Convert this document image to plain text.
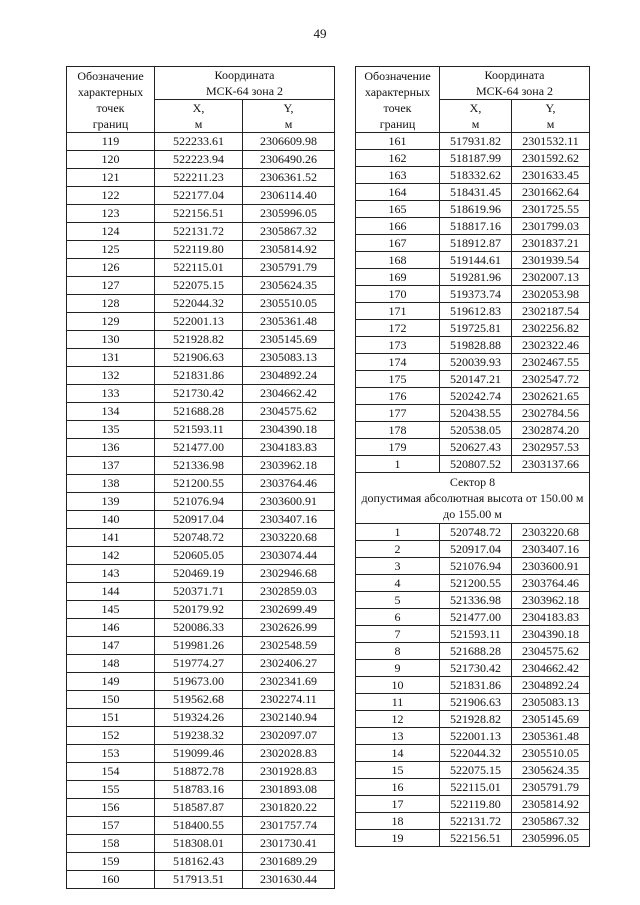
49
Обозначение
характерных
точек
границ	Координата
МСК-64 зона 2	

	X,
м	Y,
м

119	522233.61	2306609.98
120	522223.94	2306490.26
121	522211.23	2306361.52
122	522177.04	2306114.40
123	522156.51	2305996.05
124	522131.72	2305867.32
125	522119.80	2305814.92
126	522115.01	2305791.79
127	522075.15	2305624.35
128	522044.32	2305510.05
129	522001.13	2305361.48
130	521928.82	2305145.69
131	521906.63	2305083.13
132	521831.86	2304892.24
133	521730.42	2304662.42
134	521688.28	2304575.62
135	521593.11	2304390.18
136	521477.00	2304183.83
137	521336.98	2303962.18
138	521200.55	2303764.46
139	521076.94	2303600.91
140	520917.04	2303407.16
141	520748.72	2303220.68
142	520605.05	2303074.44
143	520469.19	2302946.68
144	520371.71	2302859.03
145	520179.92	2302699.49
146	520086.33	2302626.99
147	519981.26	2302548.59
148	519774.27	2302406.27
149	519673.00	2302341.69
150	519562.68	2302274.11
151	519324.26	2302140.94
152	519238.32	2302097.07
153	519099.46	2302028.83
154	518872.78	2301928.83
155	518783.16	2301893.08
156	518587.87	2301820.22
157	518400.55	2301757.74
158	518308.01	2301730.41
159	518162.43	2301689.29
160	517913.51	2301630.44
Обозначение
характерных
точек
границ	Координата
МСК-64 зона 2	

	X,
м	Y,
м

161	517931.82	2301532.11
162	518187.99	2301592.62
163	518332.62	2301633.45
164	518431.45	2301662.64
165	518619.96	2301725.55
166	518817.16	2301799.03
167	518912.87	2301837.21
168	519144.61	2301939.54
169	519281.96	2302007.13
170	519373.74	2302053.98
171	519612.83	2302187.54
172	519725.81	2302256.82
173	519828.88	2302322.46
174	520039.93	2302467.55
175	520147.21	2302547.72
176	520242.74	2302621.65
177	520438.55	2302784.56
178	520538.05	2302874.20
179	520627.43	2302957.53
1	520807.52	2303137.66

Сектор 8
допустимая абсолютная высота от 150.00 м до 155.00 м		

1	520748.72	2303220.68
2	520917.04	2303407.16
3	521076.94	2303600.91
4	521200.55	2303764.46
5	521336.98	2303962.18
6	521477.00	2304183.83
7	521593.11	2304390.18
8	521688.28	2304575.62
9	521730.42	2304662.42
10	521831.86	2304892.24
11	521906.63	2305083.13
12	521928.82	2305145.69
13	522001.13	2305361.48
14	522044.32	2305510.05
15	522075.15	2305624.35
16	522115.01	2305791.79
17	522119.80	2305814.92
18	522131.72	2305867.32
19	522156.51	2305996.05
